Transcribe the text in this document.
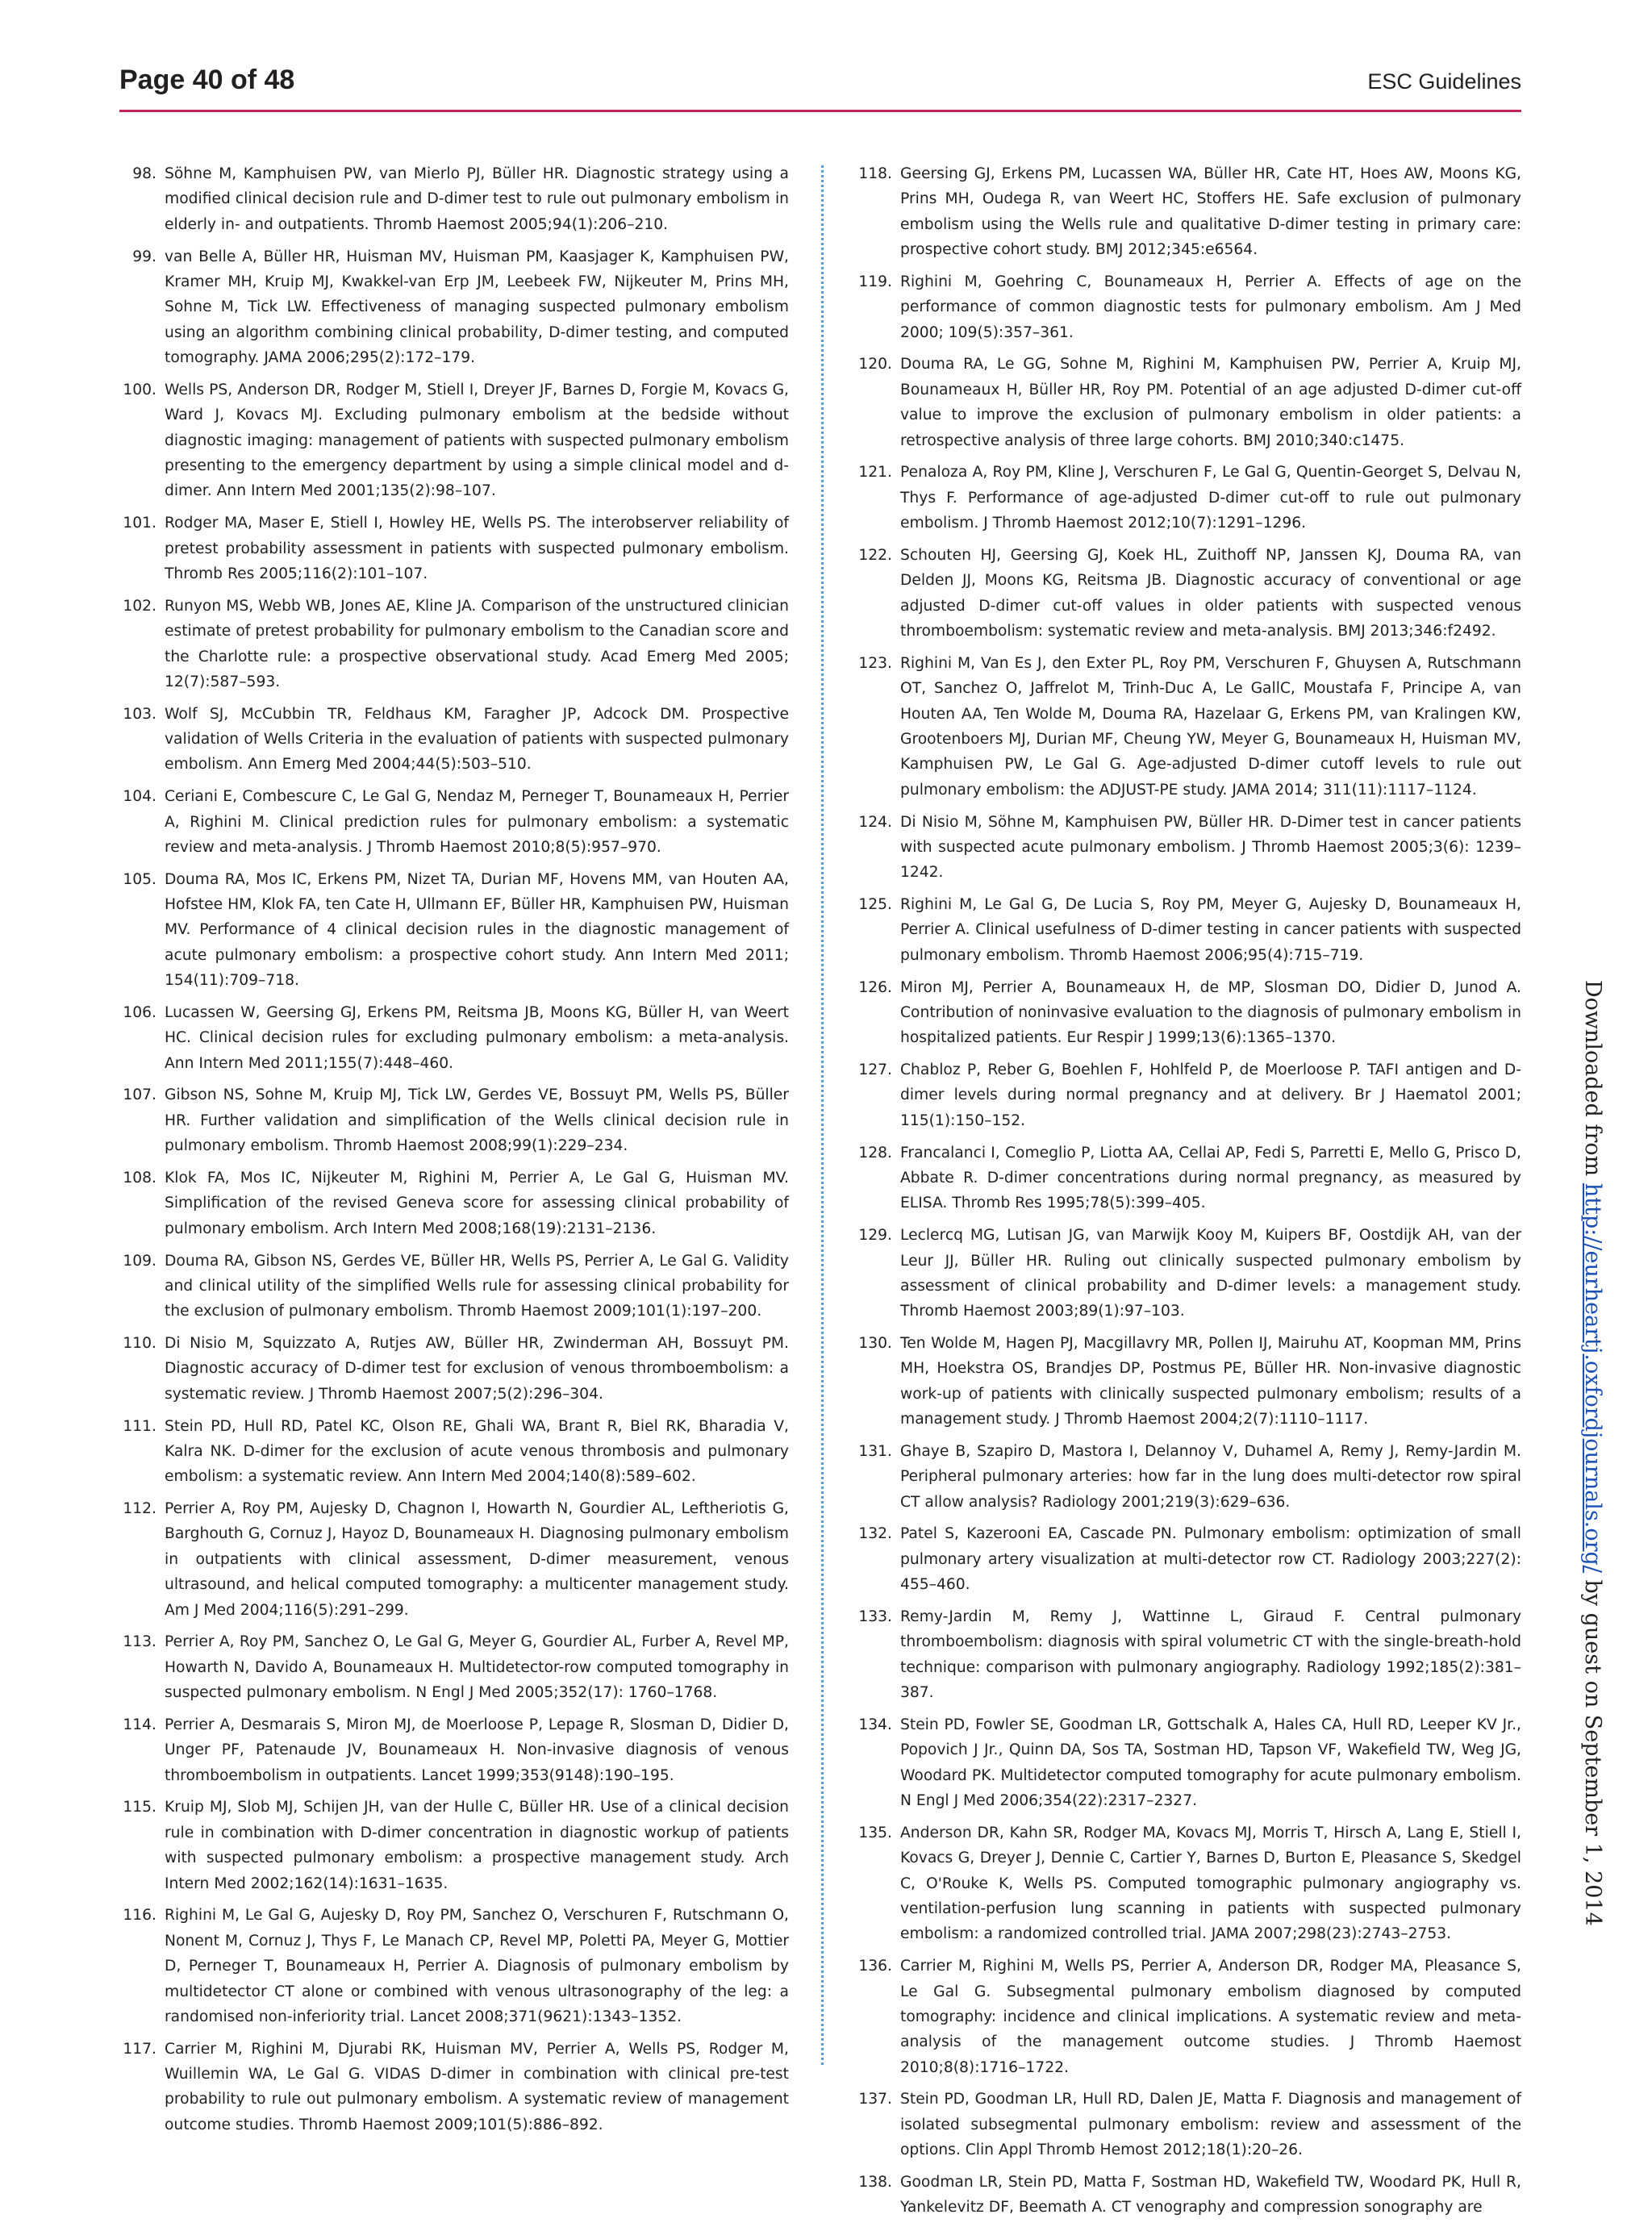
Page 40 of 48	ESC Guidelines
98. Söhne M, Kamphuisen PW, van Mierlo PJ, Büller HR. Diagnostic strategy using a modified clinical decision rule and D-dimer test to rule out pulmonary embolism in elderly in- and outpatients. Thromb Haemost 2005;94(1):206–210.
99. van Belle A, Büller HR, Huisman MV, Huisman PM, Kaasjager K, Kamphuisen PW, Kramer MH, Kruip MJ, Kwakkel-van Erp JM, Leebeek FW, Nijkeuter M, Prins MH, Sohne M, Tick LW. Effectiveness of managing suspected pulmonary embolism using an algorithm combining clinical probability, D-dimer testing, and computed tomography. JAMA 2006;295(2):172–179.
100. Wells PS, Anderson DR, Rodger M, Stiell I, Dreyer JF, Barnes D, Forgie M, Kovacs G, Ward J, Kovacs MJ. Excluding pulmonary embolism at the bedside without diagnostic imaging: management of patients with suspected pulmonary embolism presenting to the emergency department by using a simple clinical model and d-dimer. Ann Intern Med 2001;135(2):98–107.
101. Rodger MA, Maser E, Stiell I, Howley HE, Wells PS. The interobserver reliability of pretest probability assessment in patients with suspected pulmonary embolism. Thromb Res 2005;116(2):101–107.
102. Runyon MS, Webb WB, Jones AE, Kline JA. Comparison of the unstructured clinician estimate of pretest probability for pulmonary embolism to the Canadian score and the Charlotte rule: a prospective observational study. Acad Emerg Med 2005; 12(7):587–593.
103. Wolf SJ, McCubbin TR, Feldhaus KM, Faragher JP, Adcock DM. Prospective validation of Wells Criteria in the evaluation of patients with suspected pulmonary embolism. Ann Emerg Med 2004;44(5):503–510.
104. Ceriani E, Combescure C, Le Gal G, Nendaz M, Perneger T, Bounameaux H, Perrier A, Righini M. Clinical prediction rules for pulmonary embolism: a systematic review and meta-analysis. J Thromb Haemost 2010;8(5):957–970.
105. Douma RA, Mos IC, Erkens PM, Nizet TA, Durian MF, Hovens MM, van Houten AA, Hofstee HM, Klok FA, ten Cate H, Ullmann EF, Büller HR, Kamphuisen PW, Huisman MV. Performance of 4 clinical decision rules in the diagnostic management of acute pulmonary embolism: a prospective cohort study. Ann Intern Med 2011; 154(11):709–718.
106. Lucassen W, Geersing GJ, Erkens PM, Reitsma JB, Moons KG, Büller H, van Weert HC. Clinical decision rules for excluding pulmonary embolism: a meta-analysis. Ann Intern Med 2011;155(7):448–460.
107. Gibson NS, Sohne M, Kruip MJ, Tick LW, Gerdes VE, Bossuyt PM, Wells PS, Büller HR. Further validation and simplification of the Wells clinical decision rule in pulmonary embolism. Thromb Haemost 2008;99(1):229–234.
108. Klok FA, Mos IC, Nijkeuter M, Righini M, Perrier A, Le Gal G, Huisman MV. Simplification of the revised Geneva score for assessing clinical probability of pulmonary embolism. Arch Intern Med 2008;168(19):2131–2136.
109. Douma RA, Gibson NS, Gerdes VE, Büller HR, Wells PS, Perrier A, Le Gal G. Validity and clinical utility of the simplified Wells rule for assessing clinical probability for the exclusion of pulmonary embolism. Thromb Haemost 2009;101(1):197–200.
110. Di Nisio M, Squizzato A, Rutjes AW, Büller HR, Zwinderman AH, Bossuyt PM. Diagnostic accuracy of D-dimer test for exclusion of venous thromboembolism: a systematic review. J Thromb Haemost 2007;5(2):296–304.
111. Stein PD, Hull RD, Patel KC, Olson RE, Ghali WA, Brant R, Biel RK, Bharadia V, Kalra NK. D-dimer for the exclusion of acute venous thrombosis and pulmonary embolism: a systematic review. Ann Intern Med 2004;140(8):589–602.
112. Perrier A, Roy PM, Aujesky D, Chagnon I, Howarth N, Gourdier AL, Leftheriotis G, Barghouth G, Cornuz J, Hayoz D, Bounameaux H. Diagnosing pulmonary embolism in outpatients with clinical assessment, D-dimer measurement, venous ultrasound, and helical computed tomography: a multicenter management study. Am J Med 2004;116(5):291–299.
113. Perrier A, Roy PM, Sanchez O, Le Gal G, Meyer G, Gourdier AL, Furber A, Revel MP, Howarth N, Davido A, Bounameaux H. Multidetector-row computed tomography in suspected pulmonary embolism. N Engl J Med 2005;352(17): 1760–1768.
114. Perrier A, Desmarais S, Miron MJ, de Moerloose P, Lepage R, Slosman D, Didier D, Unger PF, Patenaude JV, Bounameaux H. Non-invasive diagnosis of venous thromboembolism in outpatients. Lancet 1999;353(9148):190–195.
115. Kruip MJ, Slob MJ, Schijen JH, van der Hulle C, Büller HR. Use of a clinical decision rule in combination with D-dimer concentration in diagnostic workup of patients with suspected pulmonary embolism: a prospective management study. Arch Intern Med 2002;162(14):1631–1635.
116. Righini M, Le Gal G, Aujesky D, Roy PM, Sanchez O, Verschuren F, Rutschmann O, Nonent M, Cornuz J, Thys F, Le Manach CP, Revel MP, Poletti PA, Meyer G, Mottier D, Perneger T, Bounameaux H, Perrier A. Diagnosis of pulmonary embolism by multidetector CT alone or combined with venous ultrasonography of the leg: a randomised non-inferiority trial. Lancet 2008;371(9621):1343–1352.
117. Carrier M, Righini M, Djurabi RK, Huisman MV, Perrier A, Wells PS, Rodger M, Wuillemin WA, Le Gal G. VIDAS D-dimer in combination with clinical pre-test probability to rule out pulmonary embolism. A systematic review of management outcome studies. Thromb Haemost 2009;101(5):886–892.
118. Geersing GJ, Erkens PM, Lucassen WA, Büller HR, Cate HT, Hoes AW, Moons KG, Prins MH, Oudega R, van Weert HC, Stoffers HE. Safe exclusion of pulmonary embolism using the Wells rule and qualitative D-dimer testing in primary care: prospective cohort study. BMJ 2012;345:e6564.
119. Righini M, Goehring C, Bounameaux H, Perrier A. Effects of age on the performance of common diagnostic tests for pulmonary embolism. Am J Med 2000; 109(5):357–361.
120. Douma RA, Le GG, Sohne M, Righini M, Kamphuisen PW, Perrier A, Kruip MJ, Bounameaux H, Büller HR, Roy PM. Potential of an age adjusted D-dimer cut-off value to improve the exclusion of pulmonary embolism in older patients: a retrospective analysis of three large cohorts. BMJ 2010;340:c1475.
121. Penaloza A, Roy PM, Kline J, Verschuren F, Le Gal G, Quentin-Georget S, Delvau N, Thys F. Performance of age-adjusted D-dimer cut-off to rule out pulmonary embolism. J Thromb Haemost 2012;10(7):1291–1296.
122. Schouten HJ, Geersing GJ, Koek HL, Zuithoff NP, Janssen KJ, Douma RA, van Delden JJ, Moons KG, Reitsma JB. Diagnostic accuracy of conventional or age adjusted D-dimer cut-off values in older patients with suspected venous thromboembolism: systematic review and meta-analysis. BMJ 2013;346:f2492.
123. Righini M, Van Es J, den Exter PL, Roy PM, Verschuren F, Ghuysen A, Rutschmann OT, Sanchez O, Jaffrelot M, Trinh-Duc A, Le GallC, Moustafa F, Principe A, van Houten AA, Ten Wolde M, Douma RA, Hazelaar G, Erkens PM, van Kralingen KW, Grootenboers MJ, Durian MF, Cheung YW, Meyer G, Bounameaux H, Huisman MV, Kamphuisen PW, Le Gal G. Age-adjusted D-dimer cutoff levels to rule out pulmonary embolism: the ADJUST-PE study. JAMA 2014; 311(11):1117–1124.
124. Di Nisio M, Söhne M, Kamphuisen PW, Büller HR. D-Dimer test in cancer patients with suspected acute pulmonary embolism. J Thromb Haemost 2005;3(6): 1239–1242.
125. Righini M, Le Gal G, De Lucia S, Roy PM, Meyer G, Aujesky D, Bounameaux H, Perrier A. Clinical usefulness of D-dimer testing in cancer patients with suspected pulmonary embolism. Thromb Haemost 2006;95(4):715–719.
126. Miron MJ, Perrier A, Bounameaux H, de MP, Slosman DO, Didier D, Junod A. Contribution of noninvasive evaluation to the diagnosis of pulmonary embolism in hospitalized patients. Eur Respir J 1999;13(6):1365–1370.
127. Chabloz P, Reber G, Boehlen F, Hohlfeld P, de Moerloose P. TAFI antigen and D-dimer levels during normal pregnancy and at delivery. Br J Haematol 2001; 115(1):150–152.
128. Francalanci I, Comeglio P, Liotta AA, Cellai AP, Fedi S, Parretti E, Mello G, Prisco D, Abbate R. D-dimer concentrations during normal pregnancy, as measured by ELISA. Thromb Res 1995;78(5):399–405.
129. Leclercq MG, Lutisan JG, van Marwijk Kooy M, Kuipers BF, Oostdijk AH, van der Leur JJ, Büller HR. Ruling out clinically suspected pulmonary embolism by assessment of clinical probability and D-dimer levels: a management study. Thromb Haemost 2003;89(1):97–103.
130. Ten Wolde M, Hagen PJ, Macgillavry MR, Pollen IJ, Mairuhu AT, Koopman MM, Prins MH, Hoekstra OS, Brandjes DP, Postmus PE, Büller HR. Non-invasive diagnostic work-up of patients with clinically suspected pulmonary embolism; results of a management study. J Thromb Haemost 2004;2(7):1110–1117.
131. Ghaye B, Szapiro D, Mastora I, Delannoy V, Duhamel A, Remy J, Remy-Jardin M. Peripheral pulmonary arteries: how far in the lung does multi-detector row spiral CT allow analysis? Radiology 2001;219(3):629–636.
132. Patel S, Kazerooni EA, Cascade PN. Pulmonary embolism: optimization of small pulmonary artery visualization at multi-detector row CT. Radiology 2003;227(2): 455–460.
133. Remy-Jardin M, Remy J, Wattinne L, Giraud F. Central pulmonary thromboembolism: diagnosis with spiral volumetric CT with the single-breath-hold technique: comparison with pulmonary angiography. Radiology 1992;185(2):381–387.
134. Stein PD, Fowler SE, Goodman LR, Gottschalk A, Hales CA, Hull RD, Leeper KV Jr., Popovich J Jr., Quinn DA, Sos TA, Sostman HD, Tapson VF, Wakefield TW, Weg JG, Woodard PK. Multidetector computed tomography for acute pulmonary embolism. N Engl J Med 2006;354(22):2317–2327.
135. Anderson DR, Kahn SR, Rodger MA, Kovacs MJ, Morris T, Hirsch A, Lang E, Stiell I, Kovacs G, Dreyer J, Dennie C, Cartier Y, Barnes D, Burton E, Pleasance S, Skedgel C, O'Rouke K, Wells PS. Computed tomographic pulmonary angiography vs. ventilation-perfusion lung scanning in patients with suspected pulmonary embolism: a randomized controlled trial. JAMA 2007;298(23):2743–2753.
136. Carrier M, Righini M, Wells PS, Perrier A, Anderson DR, Rodger MA, Pleasance S, Le Gal G. Subsegmental pulmonary embolism diagnosed by computed tomography: incidence and clinical implications. A systematic review and meta-analysis of the management outcome studies. J Thromb Haemost 2010;8(8):1716–1722.
137. Stein PD, Goodman LR, Hull RD, Dalen JE, Matta F. Diagnosis and management of isolated subsegmental pulmonary embolism: review and assessment of the options. Clin Appl Thromb Hemost 2012;18(1):20–26.
138. Goodman LR, Stein PD, Matta F, Sostman HD, Wakefield TW, Woodard PK, Hull R, Yankelevitz DF, Beemath A. CT venography and compression sonography are
Downloaded from http://eurheartj.oxfordjournals.org/ by guest on September 1, 2014
